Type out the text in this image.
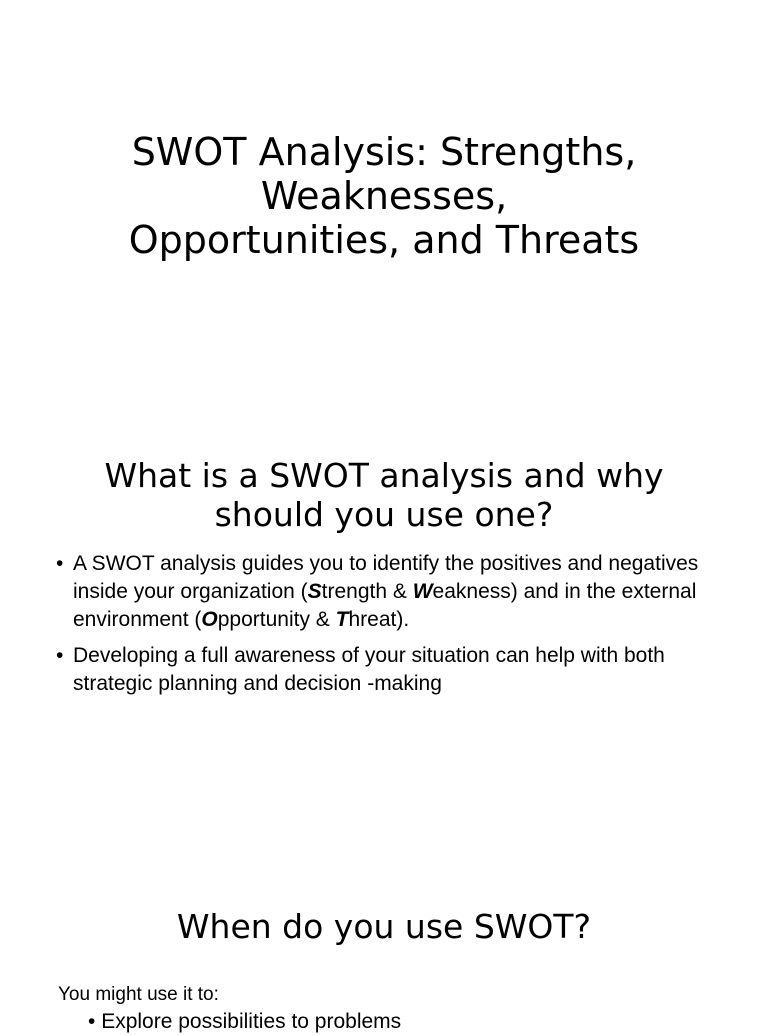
SWOT Analysis: Strengths,
Weaknesses,
Opportunities, and Threats
What is a SWOT analysis and why
should you use one?
• A SWOT analysis guides you to identify the positives and negatives inside your organization (Strength & Weakness) and in the external environment (Opportunity & Threat).
• Developing a full awareness of your situation can help with both strategic planning and decision -making
When do you use SWOT?
You might use it to:
• Explore possibilities to problems
